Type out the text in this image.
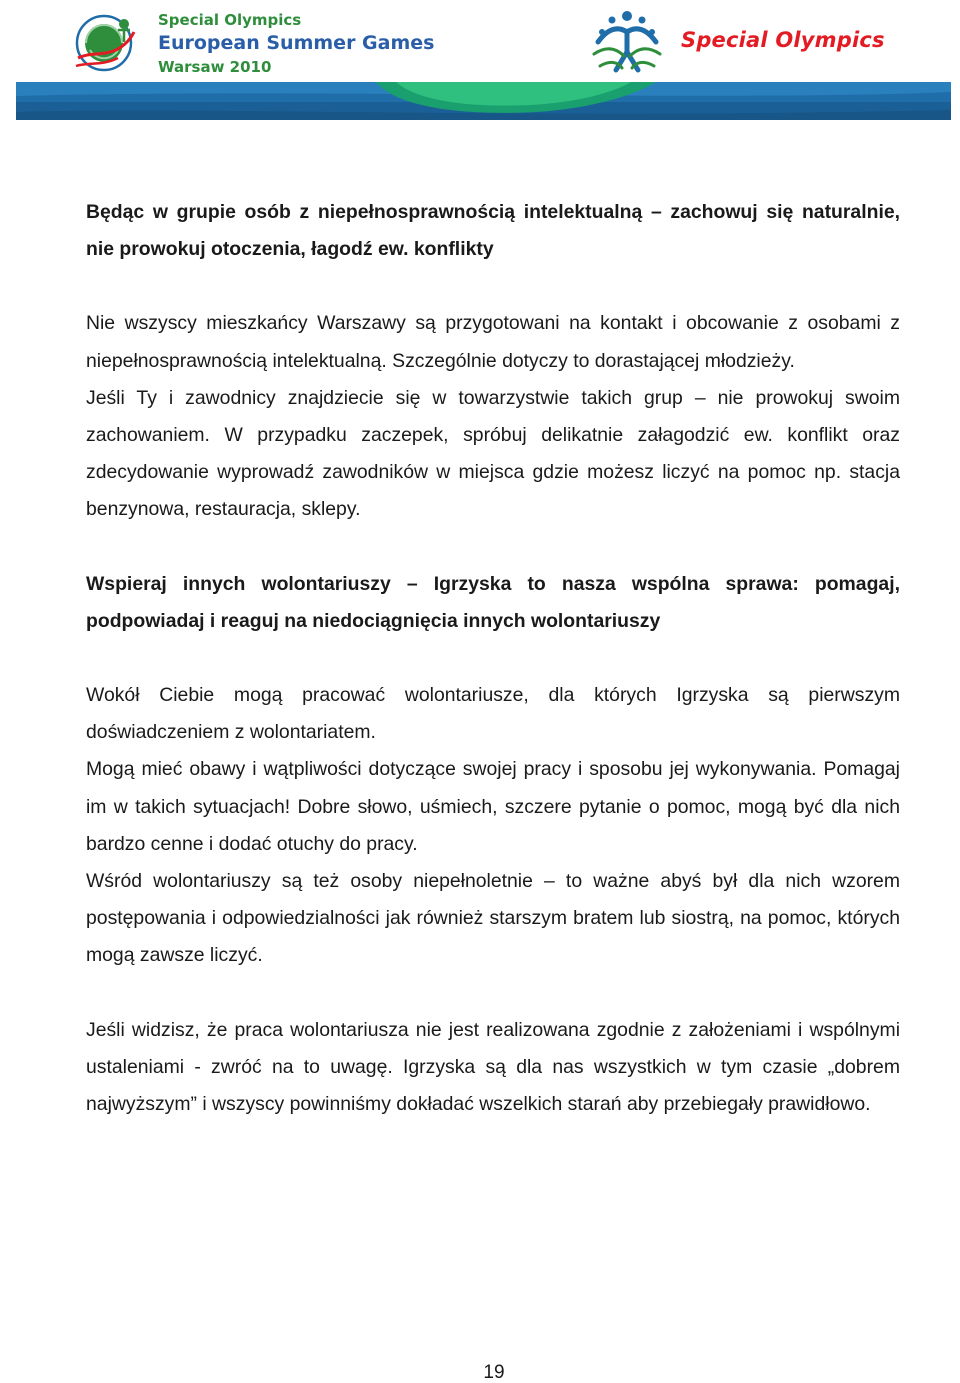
Special Olympics
European Summer Games
Warsaw 2010
Special Olympics

Będąc w grupie osób z niepełnosprawnością intelektualną – zachowuj się naturalnie, nie prowokuj otoczenia, łagodź ew. konflikty

Nie wszyscy mieszkańcy Warszawy są przygotowani na kontakt i obcowanie z osobami z niepełnosprawnością intelektualną. Szczególnie dotyczy to dorastającej młodzieży.

Jeśli Ty i zawodnicy znajdziecie się w towarzystwie takich grup – nie prowokuj swoim zachowaniem. W przypadku zaczepek, spróbuj delikatnie załagodzić ew. konflikt oraz zdecydowanie wyprowadź zawodników w miejsca gdzie możesz liczyć na pomoc np. stacja benzynowa, restauracja, sklepy.

Wspieraj innych wolontariuszy – Igrzyska to nasza wspólna sprawa: pomagaj, podpowiadaj i reaguj na niedociągnięcia innych wolontariuszy

Wokół Ciebie mogą pracować wolontariusze, dla których Igrzyska są pierwszym doświadczeniem z wolontariatem.

Mogą mieć obawy i wątpliwości dotyczące swojej pracy i sposobu jej wykonywania. Pomagaj im w takich sytuacjach! Dobre słowo, uśmiech, szczere pytanie o pomoc, mogą być dla nich bardzo cenne i dodać otuchy do pracy.

Wśród wolontariuszy są też osoby niepełnoletnie – to ważne abyś był dla nich wzorem postępowania i odpowiedzialności jak również starszym bratem lub siostrą, na pomoc, których mogą zawsze liczyć.

Jeśli widzisz, że praca wolontariusza nie jest realizowana zgodnie z założeniami i wspólnymi ustaleniami - zwróć na to uwagę. Igrzyska są dla nas wszystkich w tym czasie „dobrem najwyższym” i wszyscy powinniśmy dokładać wszelkich starań aby przebiegały prawidłowo.

19
